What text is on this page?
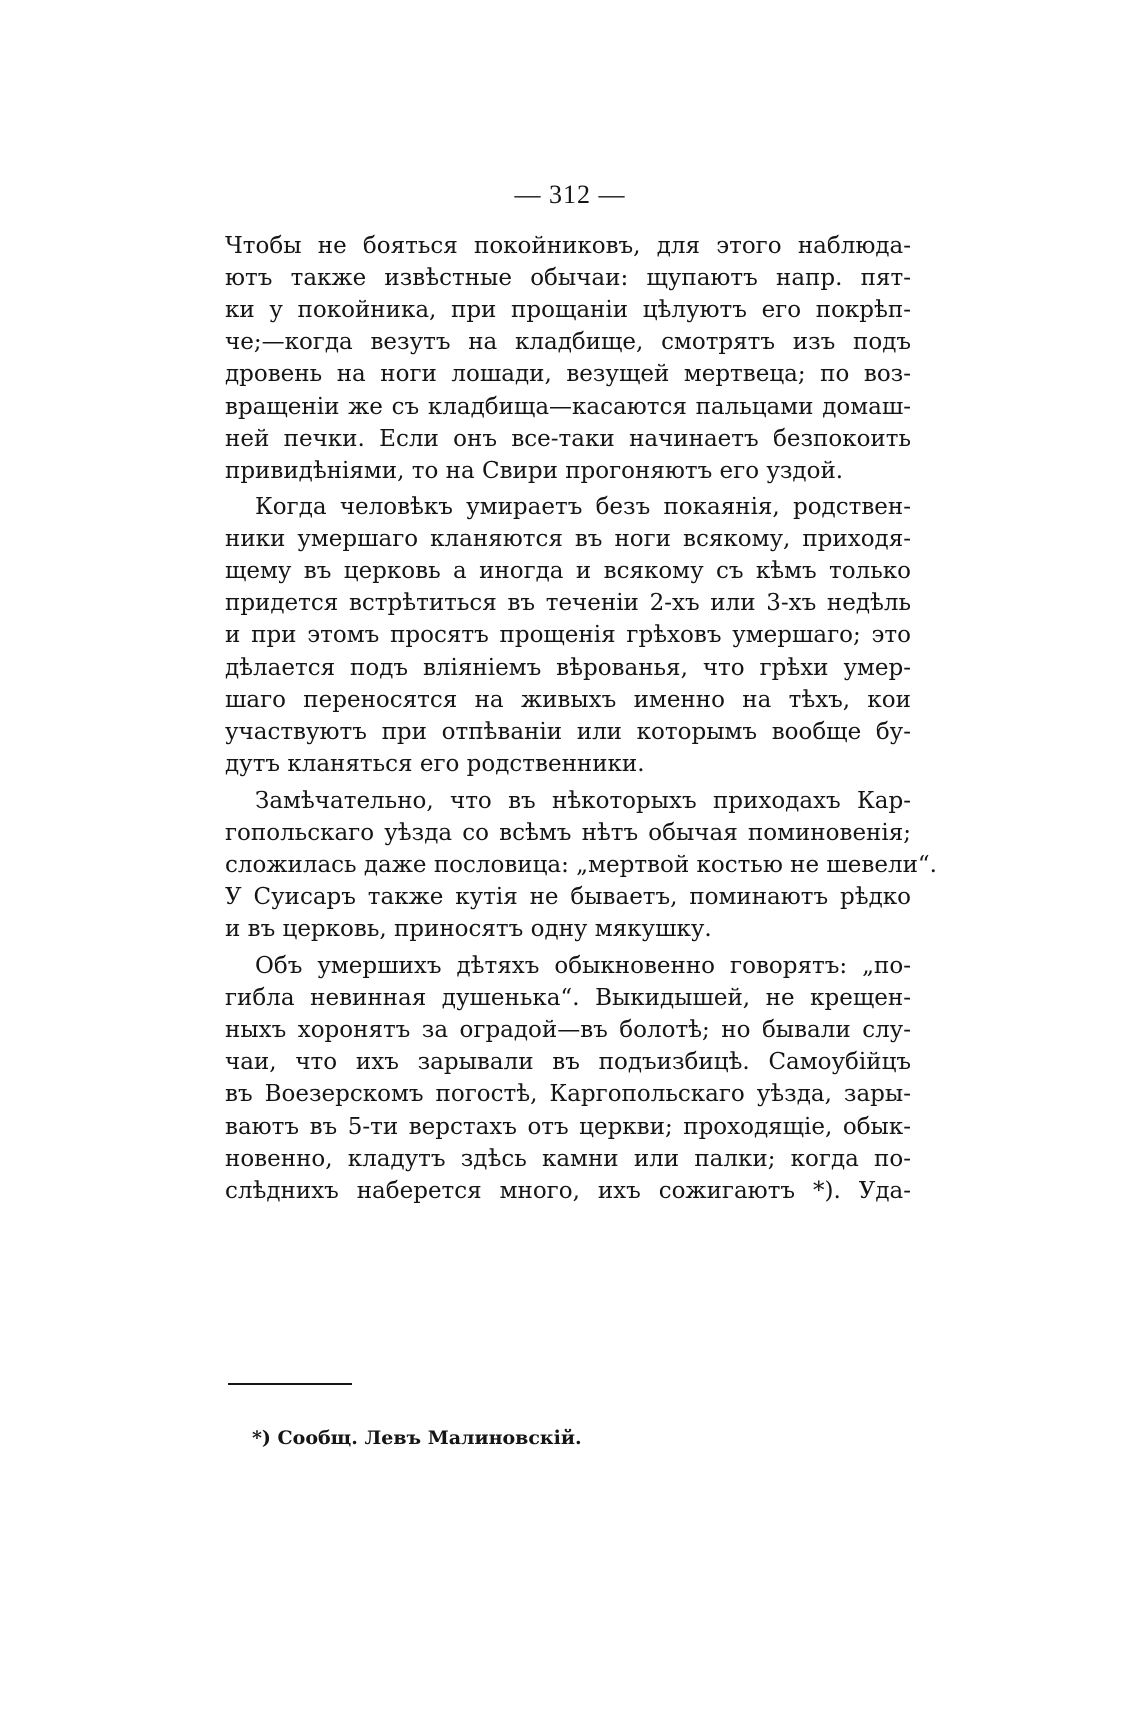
— 312 —
Чтобы не бояться покойниковъ, для этого наблюда-
ютъ также извѣстные обычаи: щупаютъ напр. пят-
ки у покойника, при прощаніи цѣлуютъ его покрѣп-
че;—когда везутъ на кладбище, смотрятъ изъ подъ
дровень на ноги лошади, везущей мертвеца; по воз-
вращеніи же съ кладбища—касаются пальцами домаш-
ней печки. Если онъ все-таки начинаетъ безпокоить
привидѣніями, то на Свири прогоняютъ его уздой.
Когда человѣкъ умираетъ безъ покаянія, родствен-
ники умершаго кланяются въ ноги всякому, приходя-
щему въ церковь а иногда и всякому съ кѣмъ только
придется встрѣтиться въ теченіи 2-хъ или 3-хъ недѣль
и при этомъ просятъ прощенія грѣховъ умершаго; это
дѣлается подъ вліяніемъ вѣрованья, что грѣхи умер-
шаго переносятся на живыхъ именно на тѣхъ, кои
участвуютъ при отпѣваніи или которымъ вообще бу-
дутъ кланяться его родственники.
Замѣчательно, что въ нѣкоторыхъ приходахъ Кар-
гопольскаго уѣзда со всѣмъ нѣтъ обычая поминовенія;
сложилась даже пословица: „мертвой костью не шевели“.
У Суисаръ также кутія не бываетъ, поминаютъ рѣдко
и въ церковь, приносятъ одну мякушку.
Объ умершихъ дѣтяхъ обыкновенно говорятъ: „по-
гибла невинная душенька“. Выкидышей, не крещен-
ныхъ хоронятъ за оградой—въ болотѣ; но бывали слу-
чаи, что ихъ зарывали въ подъизбицѣ. Самоубійцъ
въ Воезерскомъ погостѣ, Каргопольскаго уѣзда, зары-
ваютъ въ 5-ти верстахъ отъ церкви; проходящіе, обык-
новенно, кладутъ здѣсь камни или палки; когда по-
слѣднихъ наберется много, ихъ сожигаютъ *). Уда-
*) Сообщ. Левъ Малиновскій.
